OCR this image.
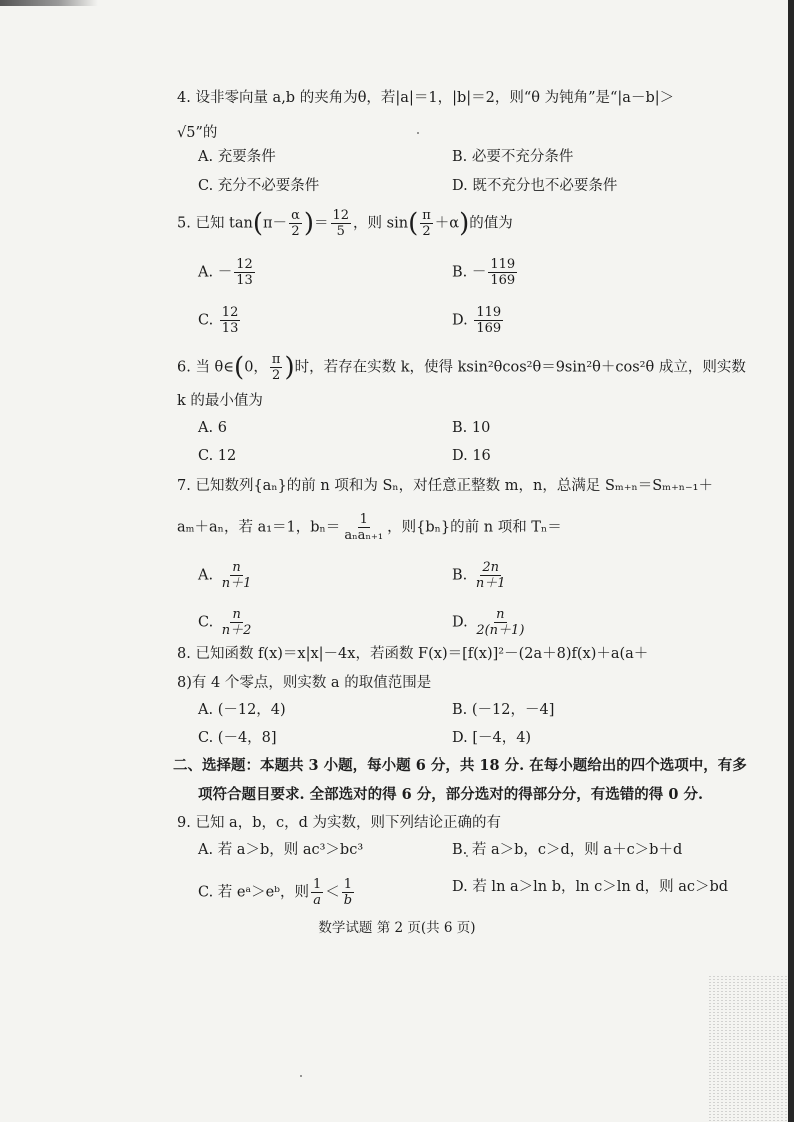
4. 设非零向量 a,b 的夹角为θ，若|a|＝1，|b|＝2，则“θ 为钝角”是“|a－b|＞
√5”的
A. 充要条件	B. 必要不充分条件
C. 充分不必要条件	D. 既不充分也不必要条件
5. 已知 $\tan(\pi- \frac{\alpha}{2}$ )＝ $\frac{12}{5}$ ，则 $\sin( \frac{\pi}{2} +\alpha)$的值为
A. － $\frac{12}{13}$	B. － $\frac{119}{169}$
C. $\frac{12}{13}$	D. $\frac{119}{169}$
6. 当 θ∈(0， $\frac{\pi}{2}$ )时，若存在实数 k，使得 ksin²θcos²θ＝9sin²θ＋cos²θ 成立，则实数
k 的最小值为
A. 6	B. 10
C. 12	D. 16
7. 已知数列{aₙ}的前 n 项和为 Sₙ，对任意正整数 m，n，总满足 Sₘ₊ₙ＝Sₘ₊ₙ₋₁＋
aₘ＋aₙ，若 a₁＝1，$b_n= \frac{1}{\text{aₙaₙ₊₁}}$ ，则{bₙ}的前 n 项和 Tₙ＝
A. $\frac{n}{n+1}$	B. $\frac{2n}{n+1}$
C. $\frac{n}{n+2}$	D. $\frac{n}{2(n+1)}$
8. 已知函数 f(x)＝x|x|－4x，若函数 F(x)＝[f(x)]²－(2a＋8)f(x)＋a(a＋
8)有 4 个零点，则实数 a 的取值范围是
A. (－12，4)	B. (－12，－4]
C. (－4，8]	D. [－4，4)
二、选择题：本题共 3 小题，每小题 6 分，共 18 分. 在每小题给出的四个选项中，有多
项符合题目要求. 全部选对的得 6 分，部分选对的得部分分，有选错的得 0 分.
9. 已知 a，b，c，d 为实数，则下列结论正确的有
A. 若 a＞b，则 ac³＞bc³	B. 若 a＞b，c＞d，则 a＋c＞b＋d
C. 若 eᵃ＞eᵇ，则 $\frac{1}{a} < \frac{1}{b}$	D. 若 ln a＞ln b，ln c＞ln d，则 ac＞bd
数学试题 第 2 页(共 6 页)
